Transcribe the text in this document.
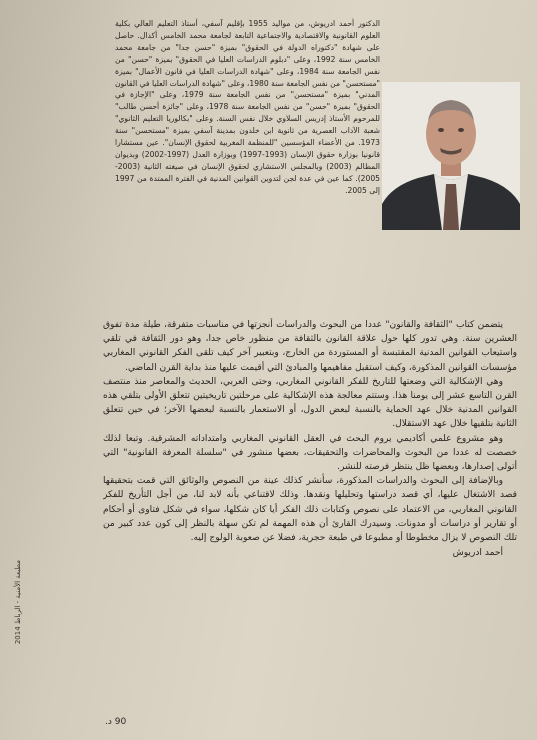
الدكتور أحمد ادريوش، من مواليد 1955 بإقليم آسفي، أستاذ التعليم العالي بكلية العلوم القانونية والاقتصادية والاجتماعية التابعة لجامعة محمد الخامس أكدال. حاصل على شهادة "دكتوراه الدولة في الحقوق" بميزة "حسن جدا" من جامعة محمد الخامس سنة 1992، وعلى "دبلوم الدراسات العليا في الحقوق" بميزة "حسن" من نفس الجامعة سنة 1984، وعلى "شهادة الدراسات العليا في قانون الأعمال" بميزة "مستحسن" من نفس الجامعة سنة 1980، وعلى "شهادة الدراسات العليا في القانون المدني" بميزة "مستحسن" من نفس الجامعة سنة 1979، وعلى "الإجازة في الحقوق" بميزة "حسن" من نفس الجامعة سنة 1978، وعلى "جائزة أحسن طالب" للمرحوم الأستاذ إدريس السلاوي خلال نفس السنة. وعلى "بكالوريا التعليم الثانوي" شعبة الآداب العصرية من ثانوية ابن خلدون بمدينة آسفي بميزة "مستحسن" سنة 1973. من الأعضاء المؤسسين "للمنظمة المغربية لحقوق الإنسان". عين مستشارا قانونيا بوزارة حقوق الإنسان (1993-1997) وبوزارة العدل (1997-2002) وبديوان المظالم (2003) وبالمجلس الاستشاري لحقوق الإنسان في صيغته الثانية (2003-2005). كما عين في عدة لجن لتدوين القوانين المدنية في الفترة الممتدة من 1997 إلى 2005.

يتضمن كتاب "الثقافة والقانون" عددا من البحوث والدراسات أنجزتها في مناسبات متفرقة، طيلة مدة تفوق العشرين سنة. وهي تدور كلها حول علاقة القانون بالثقافة من منظور خاص جدا، وهو دور الثقافة في تلقي واستيعاب القوانين المدنية المقتبسة أو المستوردة من الخارج، وبتعبير آخر كيف تلقى الفكر القانوني المغاربي مؤسسات القوانين المذكورة، وكيف استقبل مفاهيمها والمبادئ التي أقيمت عليها منذ بداية القرن الماضي.

وهي الإشكالية التي وضعتها للتاريخ للفكر القانوني المغاربي، وحتى العربي، الحديث والمعاصر منذ منتصف القرن التاسع عشر إلى يومنا هذا. وستتم معالجة هذه الإشكالية على مرحلتين تاريخيتين تتعلق الأولى بتلقي هذه القوانين المدنية خلال عهد الحماية بالنسبة لبعض الدول، أو الاستعمار بالنسبة لبعضها الآخر؛ في حين تتعلق الثانية بتلقيها خلال عهد الاستقلال.

وهو مشروع علمي أكاديمي يروم البحث في العقل القانوني المغاربي وامتداداته المشرقية. وتبعا لذلك خصصت له عددا من البحوث والمحاضرات والتحقيقات، بعضها منشور في "سلسلة المعرفة القانونية" التي أتولى إصدارها، وبعضها ظل ينتظر فرصته للنشر.

وبالإضافة إلى البحوث والدراسات المذكورة، سأنشر كذلك عينة من النصوص والوثائق التي قمت بتحقيقها قصد الاشتغال عليها، أي قصد دراستها وتحليلها ونقدها. وذلك لاقتناعي بأنه لابد لنا، من أجل التأريخ للفكر القانوني المغاربي، من الاعتماد على نصوص وكتابات ذلك الفكر أيا كان شكلها، سواء في شكل فتاوى أو أحكام أو تقارير أو دراسات أو مدونات. وسيدرك القارئ أن هذه المهمة لم تكن سهلة بالنظر إلى كون عدد كبير من تلك النصوص لا يزال مخطوطا أو مطبوعا في طبعة حجرية، فضلا عن صعوبة الولوج إليه.

أحمد ادريوش
90 د.
مطبعة الأمنية - الرباط 2014
